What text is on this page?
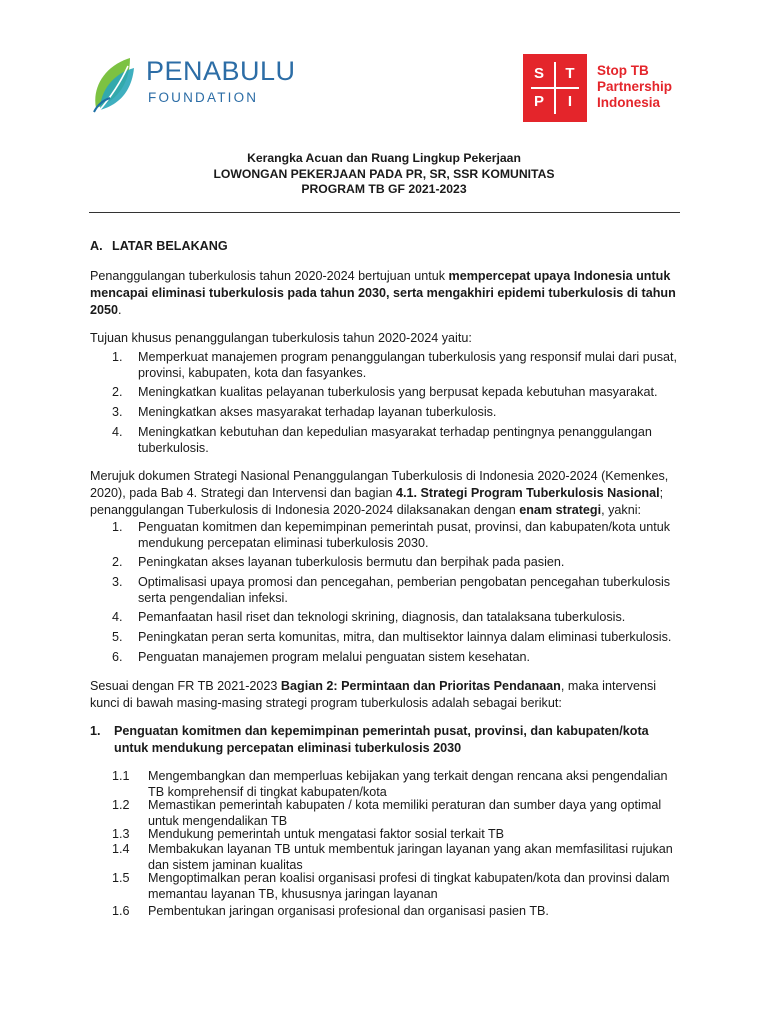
PENABULU
FOUNDATION
S T
P	I
Stop TB
Partnership
Indonesia
Kerangka Acuan dan Ruang Lingkup Pekerjaan
LOWONGAN PEKERJAAN PADA PR, SR, SSR KOMUNITAS
PROGRAM TB GF 2021-2023
A. LATAR BELAKANG
Penanggulangan tuberkulosis tahun 2020-2024 bertujuan untuk mempercepat upaya Indonesia untuk mencapai eliminasi tuberkulosis pada tahun 2030, serta mengakhiri epidemi tuberkulosis di tahun 2050.
Tujuan khusus penanggulangan tuberkulosis tahun 2020-2024 yaitu:
1. Memperkuat manajemen program penanggulangan tuberkulosis yang responsif mulai dari pusat, provinsi, kabupaten, kota dan fasyankes.
2. Meningkatkan kualitas pelayanan tuberkulosis yang berpusat kepada kebutuhan masyarakat.
3. Meningkatkan akses masyarakat terhadap layanan tuberkulosis.
4. Meningkatkan kebutuhan dan kepedulian masyarakat terhadap pentingnya penanggulangan tuberkulosis.
Merujuk dokumen Strategi Nasional Penanggulangan Tuberkulosis di Indonesia 2020-2024 (Kemenkes, 2020), pada Bab 4. Strategi dan Intervensi dan bagian 4.1. Strategi Program Tuberkulosis Nasional; penanggulangan Tuberkulosis di Indonesia 2020-2024 dilaksanakan dengan enam strategi, yakni:
1. Penguatan komitmen dan kepemimpinan pemerintah pusat, provinsi, dan kabupaten/kota untuk mendukung percepatan eliminasi tuberkulosis 2030.
2. Peningkatan akses layanan tuberkulosis bermutu dan berpihak pada pasien.
3. Optimalisasi upaya promosi dan pencegahan, pemberian pengobatan pencegahan tuberkulosis serta pengendalian infeksi.
4. Pemanfaatan hasil riset dan teknologi skrining, diagnosis, dan tatalaksana tuberkulosis.
5. Peningkatan peran serta komunitas, mitra, dan multisektor lainnya dalam eliminasi tuberkulosis.
6. Penguatan manajemen program melalui penguatan sistem kesehatan.
Sesuai dengan FR TB 2021-2023 Bagian 2: Permintaan dan Prioritas Pendanaan, maka intervensi kunci di bawah masing-masing strategi program tuberkulosis adalah sebagai berikut:
1. Penguatan komitmen dan kepemimpinan pemerintah pusat, provinsi, dan kabupaten/kota untuk mendukung percepatan eliminasi tuberkulosis 2030
1.1 Mengembangkan dan memperluas kebijakan yang terkait dengan rencana aksi pengendalian TB komprehensif di tingkat kabupaten/kota
1.2 Memastikan pemerintah kabupaten / kota memiliki peraturan dan sumber daya yang optimal untuk mengendalikan TB
1.3 Mendukung pemerintah untuk mengatasi faktor sosial terkait TB
1.4 Membakukan layanan TB untuk membentuk jaringan layanan yang akan memfasilitasi rujukan dan sistem jaminan kualitas
1.5 Mengoptimalkan peran koalisi organisasi profesi di tingkat kabupaten/kota dan provinsi dalam memantau layanan TB, khususnya jaringan layanan
1.6 Pembentukan jaringan organisasi profesional dan organisasi pasien TB.
